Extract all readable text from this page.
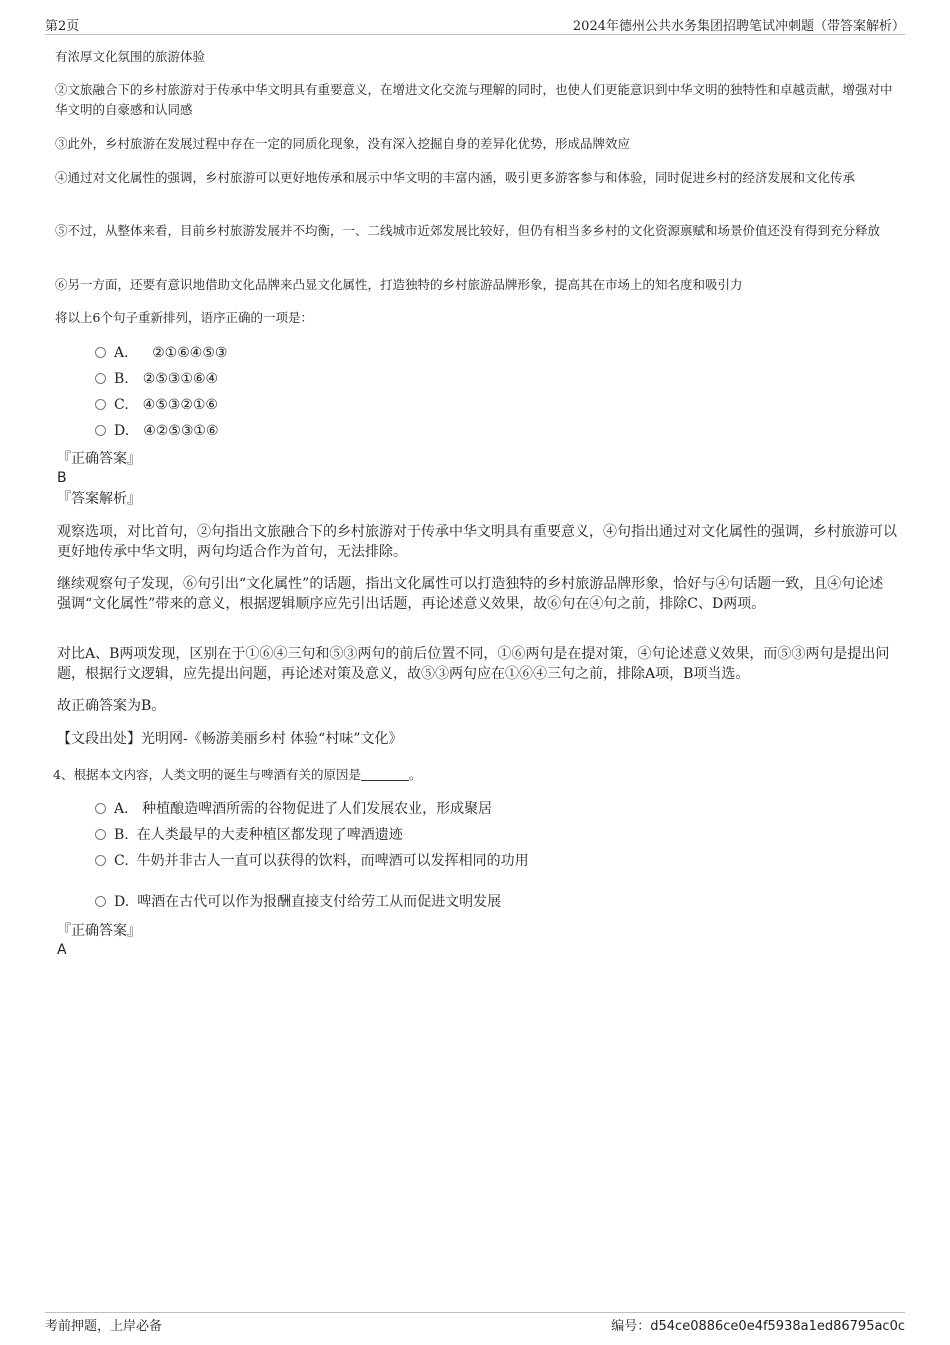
第2页	2024年德州公共水务集团招聘笔试冲刺题（带答案解析）

有浓厚文化氛围的旅游体验

②文旅融合下的乡村旅游对于传承中华文明具有重要意义，在增进文化交流与理解的同时，也使人们更能意识到中华文明的独特性和卓越贡献，增强对中华文明的自豪感和认同感

③此外，乡村旅游在发展过程中存在一定的同质化现象，没有深入挖掘自身的差异化优势，形成品牌效应

④通过对文化属性的强调，乡村旅游可以更好地传承和展示中华文明的丰富内涵，吸引更多游客参与和体验，同时促进乡村的经济发展和文化传承

⑤不过，从整体来看，目前乡村旅游发展并不均衡，一、二线城市近郊发展比较好，但仍有相当多乡村的文化资源禀赋和场景价值还没有得到充分释放

⑥另一方面，还要有意识地借助文化品牌来凸显文化属性，打造独特的乡村旅游品牌形象，提高其在市场上的知名度和吸引力

将以上6个句子重新排列，语序正确的一项是：

A． ②①⑥④⑤③
B. ②⑤③①⑥④
C. ④⑤③②①⑥
D. ④②⑤③①⑥
『正确答案』
B
『答案解析』

观察选项，对比首句，②句指出文旅融合下的乡村旅游对于传承中华文明具有重要意义，④句指出通过对文化属性的强调，乡村旅游可以更好地传承中华文明，两句均适合作为首句，无法排除。

继续观察句子发现，⑥句引出“文化属性”的话题，指出文化属性可以打造独特的乡村旅游品牌形象，恰好与④句话题一致，且④句论述强调“文化属性”带来的意义，根据逻辑顺序应先引出话题，再论述意义效果，故⑥句在④句之前，排除C、D两项。

对比A、B两项发现，区别在于①⑥④三句和⑤③两句的前后位置不同，①⑥两句是在提对策，④句论述意义效果，而⑤③两句是提出问题，根据行文逻辑，应先提出问题，再论述对策及意义，故⑤③两句应在①⑥④三句之前，排除A项，B项当选。

故正确答案为B。

【文段出处】光明网-《畅游美丽乡村 体验“村味”文化》

4、根据本文内容，人类文明的诞生与啤酒有关的原因是	。
A． 种植酿造啤酒所需的谷物促进了人们发展农业，形成聚居
B. 在人类最早的大麦种植区都发现了啤酒遗迹
C. 牛奶并非古人一直可以获得的饮料，而啤酒可以发挥相同的功用
D. 啤酒在古代可以作为报酬直接支付给劳工从而促进文明发展
『正确答案』
A
考前押题，上岸必备	编号：d54ce0886ce0e4f5938a1ed86795ac0c
